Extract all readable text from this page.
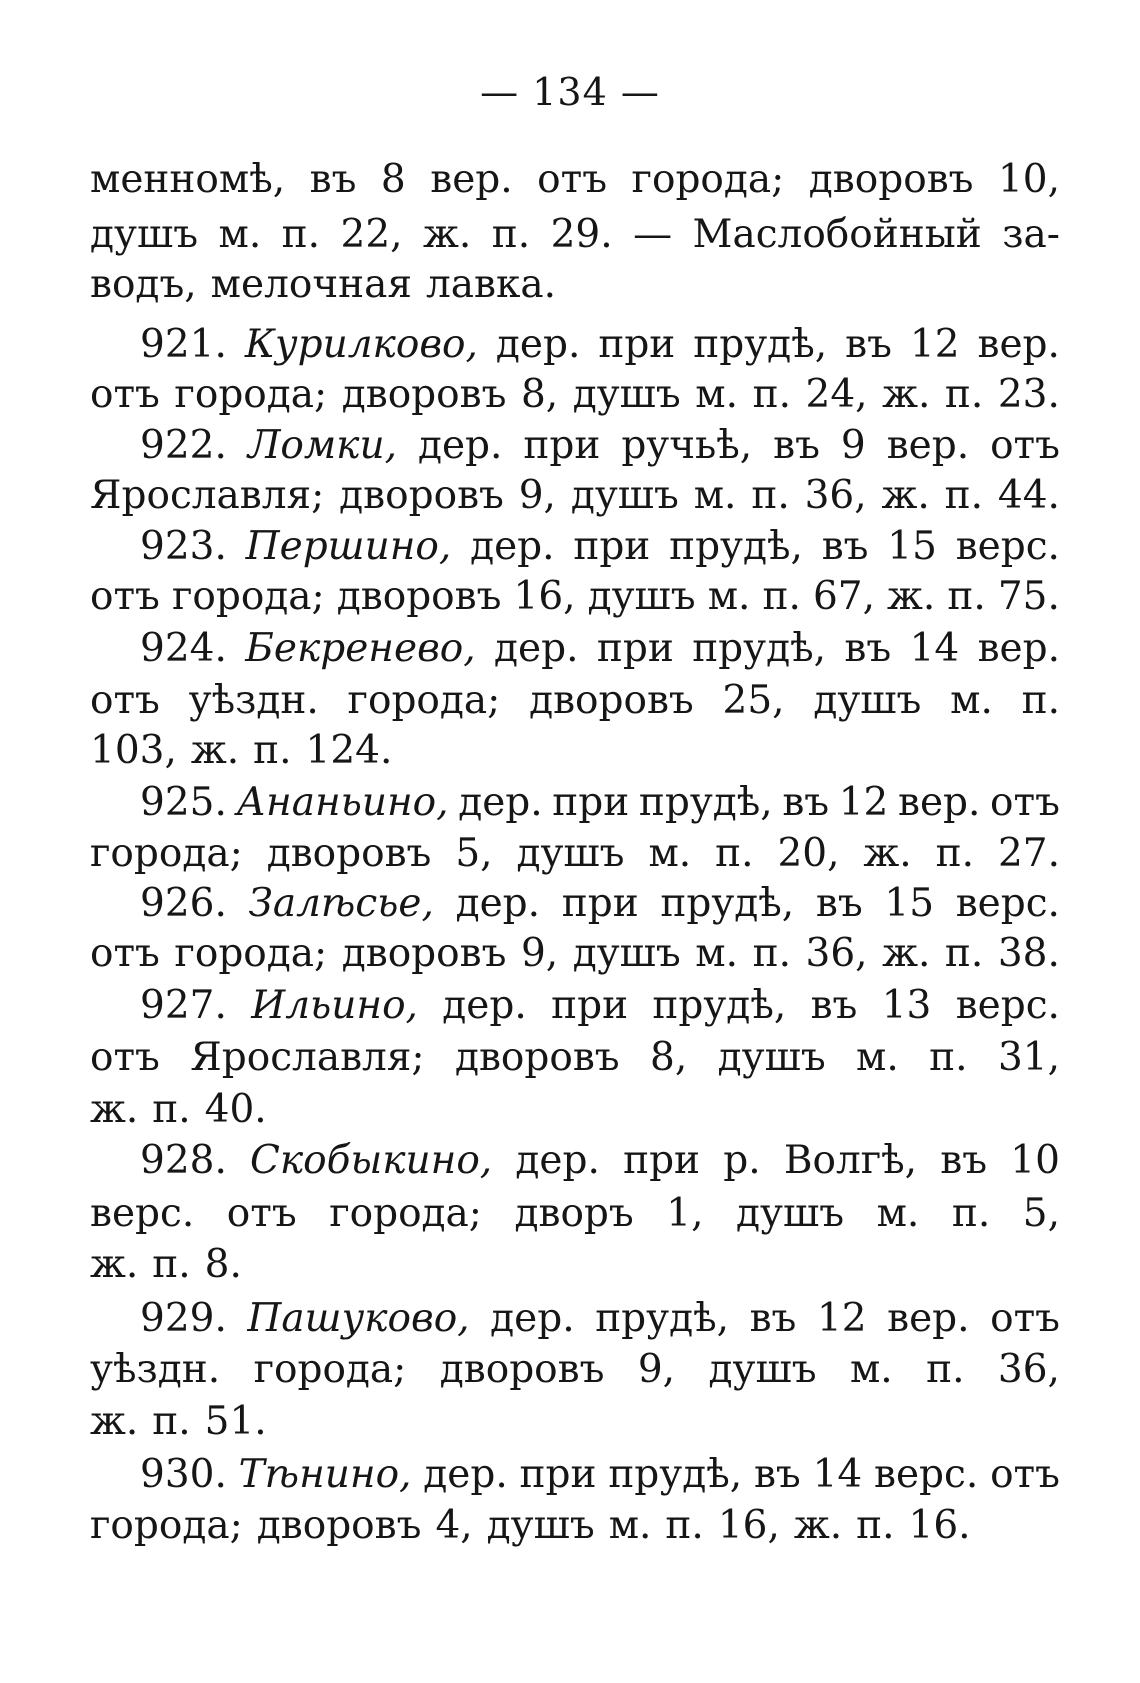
— 134 —
менномѣ, въ 8 вер. отъ города; дворовъ 10,
душъ м. п. 22, ж. п. 29. — Маслобойный за-
водъ, мелочная лавка.
921. Курилково, дер. при прудѣ, въ 12 вер.
отъ города; дворовъ 8, душъ м. п. 24, ж. п. 23.
922. Ломки, дер. при ручьѣ, въ 9 вер. отъ
Ярославля; дворовъ 9, душъ м. п. 36, ж. п. 44.
923. Першино, дер. при прудѣ, въ 15 верс.
отъ города; дворовъ 16, душъ м. п. 67, ж. п. 75.
924. Бекренево, дер. при прудѣ, въ 14 вер.
отъ уѣздн. города; дворовъ 25, душъ м. п.
103, ж. п. 124.
925. Ананьино, дер. при прудѣ, въ 12 вер. отъ
города; дворовъ 5, душъ м. п. 20, ж. п. 27.
926. Залѣсье, дер. при прудѣ, въ 15 верс.
отъ города; дворовъ 9, душъ м. п. 36, ж. п. 38.
927. Ильино, дер. при прудѣ, въ 13 верс.
отъ Ярославля; дворовъ 8, душъ м. п. 31,
ж. п. 40.
928. Скобыкино, дер. при р. Волгѣ, въ 10
верс. отъ города; дворъ 1, душъ м. п. 5,
ж. п. 8.
929. Пашуково, дер. прудѣ, въ 12 вер. отъ
уѣздн. города; дворовъ 9, душъ м. п. 36,
ж. п. 51.
930. Тѣнино, дер. при прудѣ, въ 14 верс. отъ
города; дворовъ 4, душъ м. п. 16, ж. п. 16.
